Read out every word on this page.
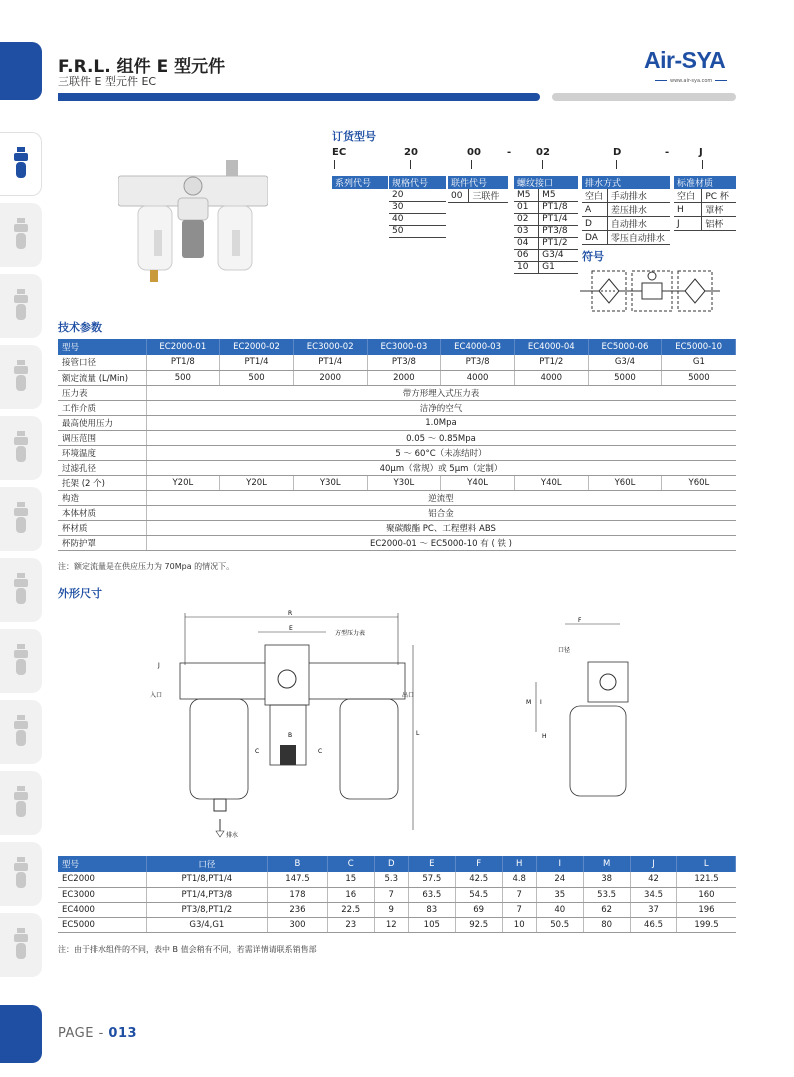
F.R.L. 组件 E 型元件
三联件 E 型元件 EC
Air-SYA
www.air-sya.com
订货型号
EC	20	00	- 02	D	-	J
系列代号 规格代号
20
30
40
50
联件代号
00	三联件
螺纹接口	
M5	M5
01	PT1/8
02	PT1/4
03	PT3/8
04	PT1/2
06	G3/4
10	G1
排水方式	
空白	手动排水
A	差压排水
D	自动排水
DA	零压自动排水
标准材质	
空白	PC 杯
H	罩杯
J	铝杯
符号
技术参数
型号	EC2000-01	EC2000-02	EC3000-02	EC3000-03	EC4000-03	EC4000-04	EC5000-06	EC5000-10
接管口径	PT1/8	PT1/4	PT1/4	PT3/8	PT3/8	PT1/2	G3/4	G1
额定流量 (L/Min)	500	500	2000	2000	4000	4000	5000	5000
压力表	带方形埋入式压力表							
工作介质	洁净的空气							
最高使用压力	1.0Mpa							
调压范围	0.05 ～ 0.85Mpa							
环境温度	5 ～ 60°C（未冻结时）							
过滤孔径	40μm（常规）或 5μm（定制）							
托架 (2 个)	Y20L	Y20L	Y30L	Y30L	Y40L	Y40L	Y60L	Y60L
构造	逆流型							
本体材质	铝合金							
杯材质	聚碳酸酯 PC、工程塑料 ABS							
杯防护罩	EC2000-01 ～ EC5000-10 有 ( 铁 )							
注：额定流量是在供应压力为 70Mpa 的情况下。
外形尺寸
R
E
方型压力表
排水
L
J
入口	出口
B
C	C
F
口径
M I
H
型号	口径	B	C	D	E	F	H	I	M	J	L
EC2000	PT1/8,PT1/4	147.5	15	5.3	57.5	42.5	4.8	24	38	42	121.5
EC3000	PT1/4,PT3/8	178	16	7	63.5	54.5	7	35	53.5	34.5	160
EC4000	PT3/8,PT1/2	236	22.5	9	83	69	7	40	62	37	196
EC5000	G3/4,G1	300	23	12	105	92.5	10	50.5	80	46.5	199.5
注：由于排水组件的不同，表中 B 值会稍有不同，若需详情请联系销售部
PAGE - 013
